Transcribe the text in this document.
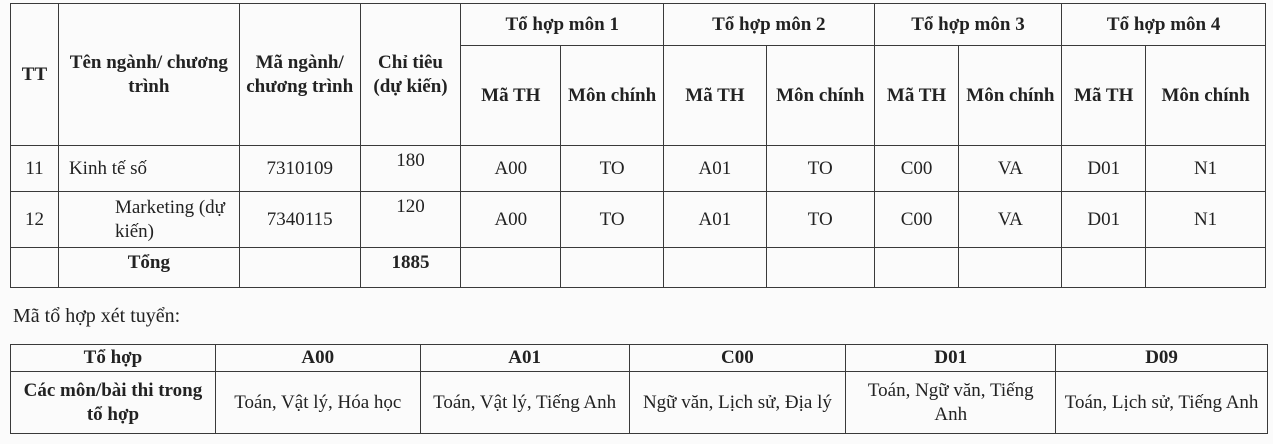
TT	Tên ngành/ chương trình	Mã ngành/ chương trình	Chỉ tiêu (dự kiến)	Tổ hợp môn 1		Tổ hợp môn 2		Tổ hợp môn 3		Tổ hợp môn 4	
				Mã TH	Môn chính	Mã TH	Môn chính	Mã TH	Môn chính	Mã TH	Môn chính
11	Kinh tế số	7310109	180	A00	TO	A01	TO	C00	VA	D01	N1
12	Marketing (dự kiến)	7340115	120	A00	TO	A01	TO	C00	VA	D01	N1
	Tổng		1885								
Mã tổ hợp xét tuyển:
Tổ hợp	A00	A01	C00	D01	D09
Các môn/bài thi trong tổ hợp	Toán, Vật lý, Hóa học	Toán, Vật lý, Tiếng Anh	Ngữ văn, Lịch sử, Địa lý	Toán, Ngữ văn, Tiếng Anh	Toán, Lịch sử, Tiếng Anh
